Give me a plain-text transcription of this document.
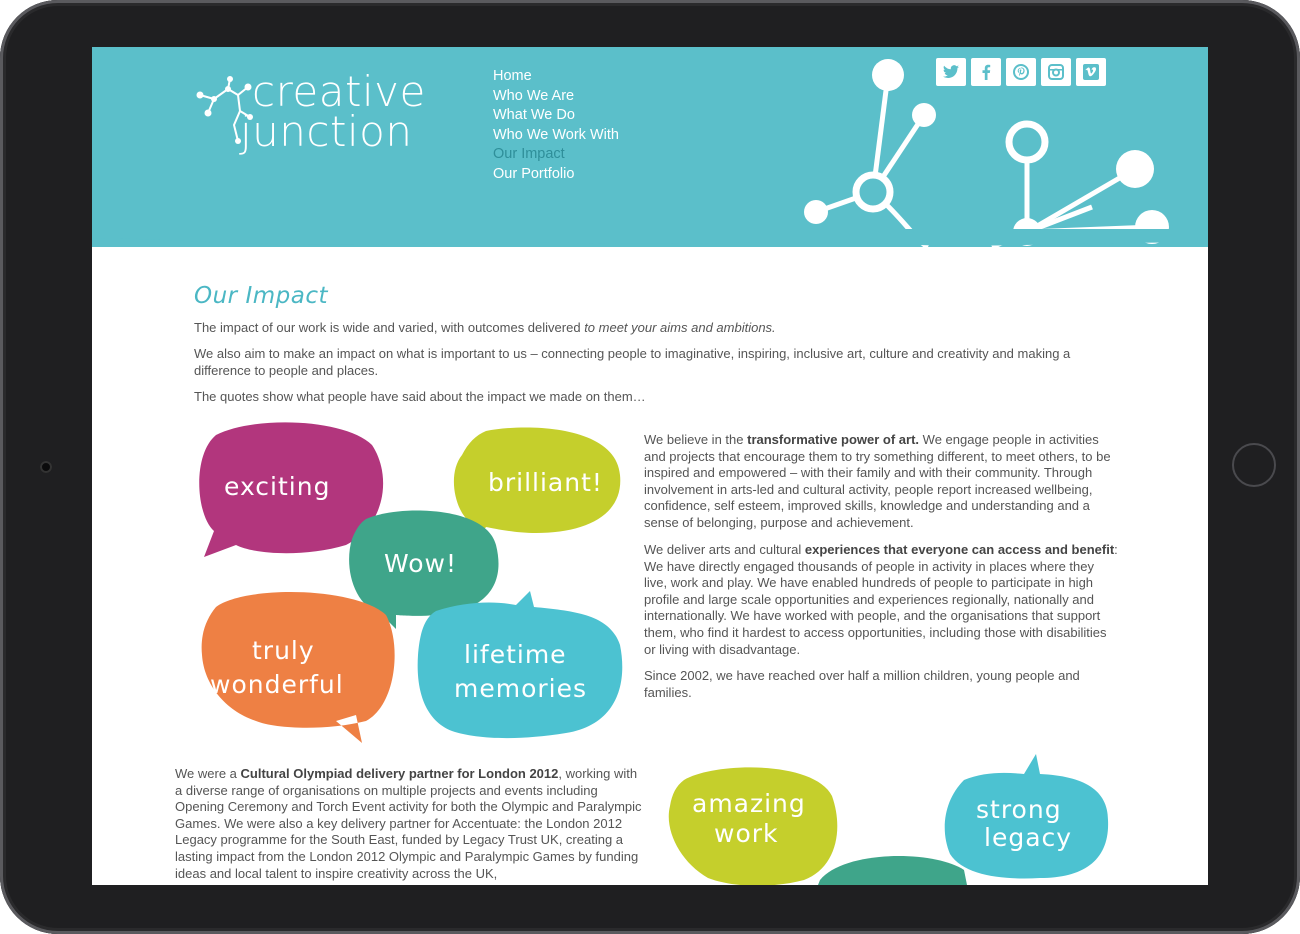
creative
junction
Home
Who We Are
What We Do
Who We Work With
Our Impact
Our Portfolio
Our Impact

The impact of our work is wide and varied, with outcomes delivered to meet your aims and ambitions.

We also aim to make an impact on what is important to us – connecting people to imaginative, inspiring, inclusive art, culture and creativity and making a difference to people and places.

The quotes show what people have said about the impact we made on them…

exciting	brilliant!
Wow!
truly
wonderful
lifetime
memories

We believe in the transformative power of art. We engage people in activities and projects that encourage them to try something different, to meet others, to be inspired and empowered – with their family and with their community. Through involvement in arts-led and cultural activity, people report increased wellbeing, confidence, self esteem, improved skills, knowledge and understanding and a sense of belonging, purpose and achievement.

We deliver arts and cultural experiences that everyone can access and benefit: We have directly engaged thousands of people in activity in places where they live, work and play. We have enabled hundreds of people to participate in high profile and large scale opportunities and experiences regionally, nationally and internationally. We have worked with people, and the organisations that support them, who find it hardest to access opportunities, including those with disabilities or living with disadvantage.

Since 2002, we have reached over half a million children, young people and families.

We were a Cultural Olympiad delivery partner for London 2012, working with a diverse range of organisations on multiple projects and events including Opening Ceremony and Torch Event activity for both the Olympic and Paralympic Games. We were also a key delivery partner for Accentuate: the London 2012 Legacy programme for the South East, funded by Legacy Trust UK, creating a lasting impact from the London 2012 Olympic and Paralympic Games by funding ideas and local talent to inspire creativity across the UK,

amazing
work
strong
legacy
